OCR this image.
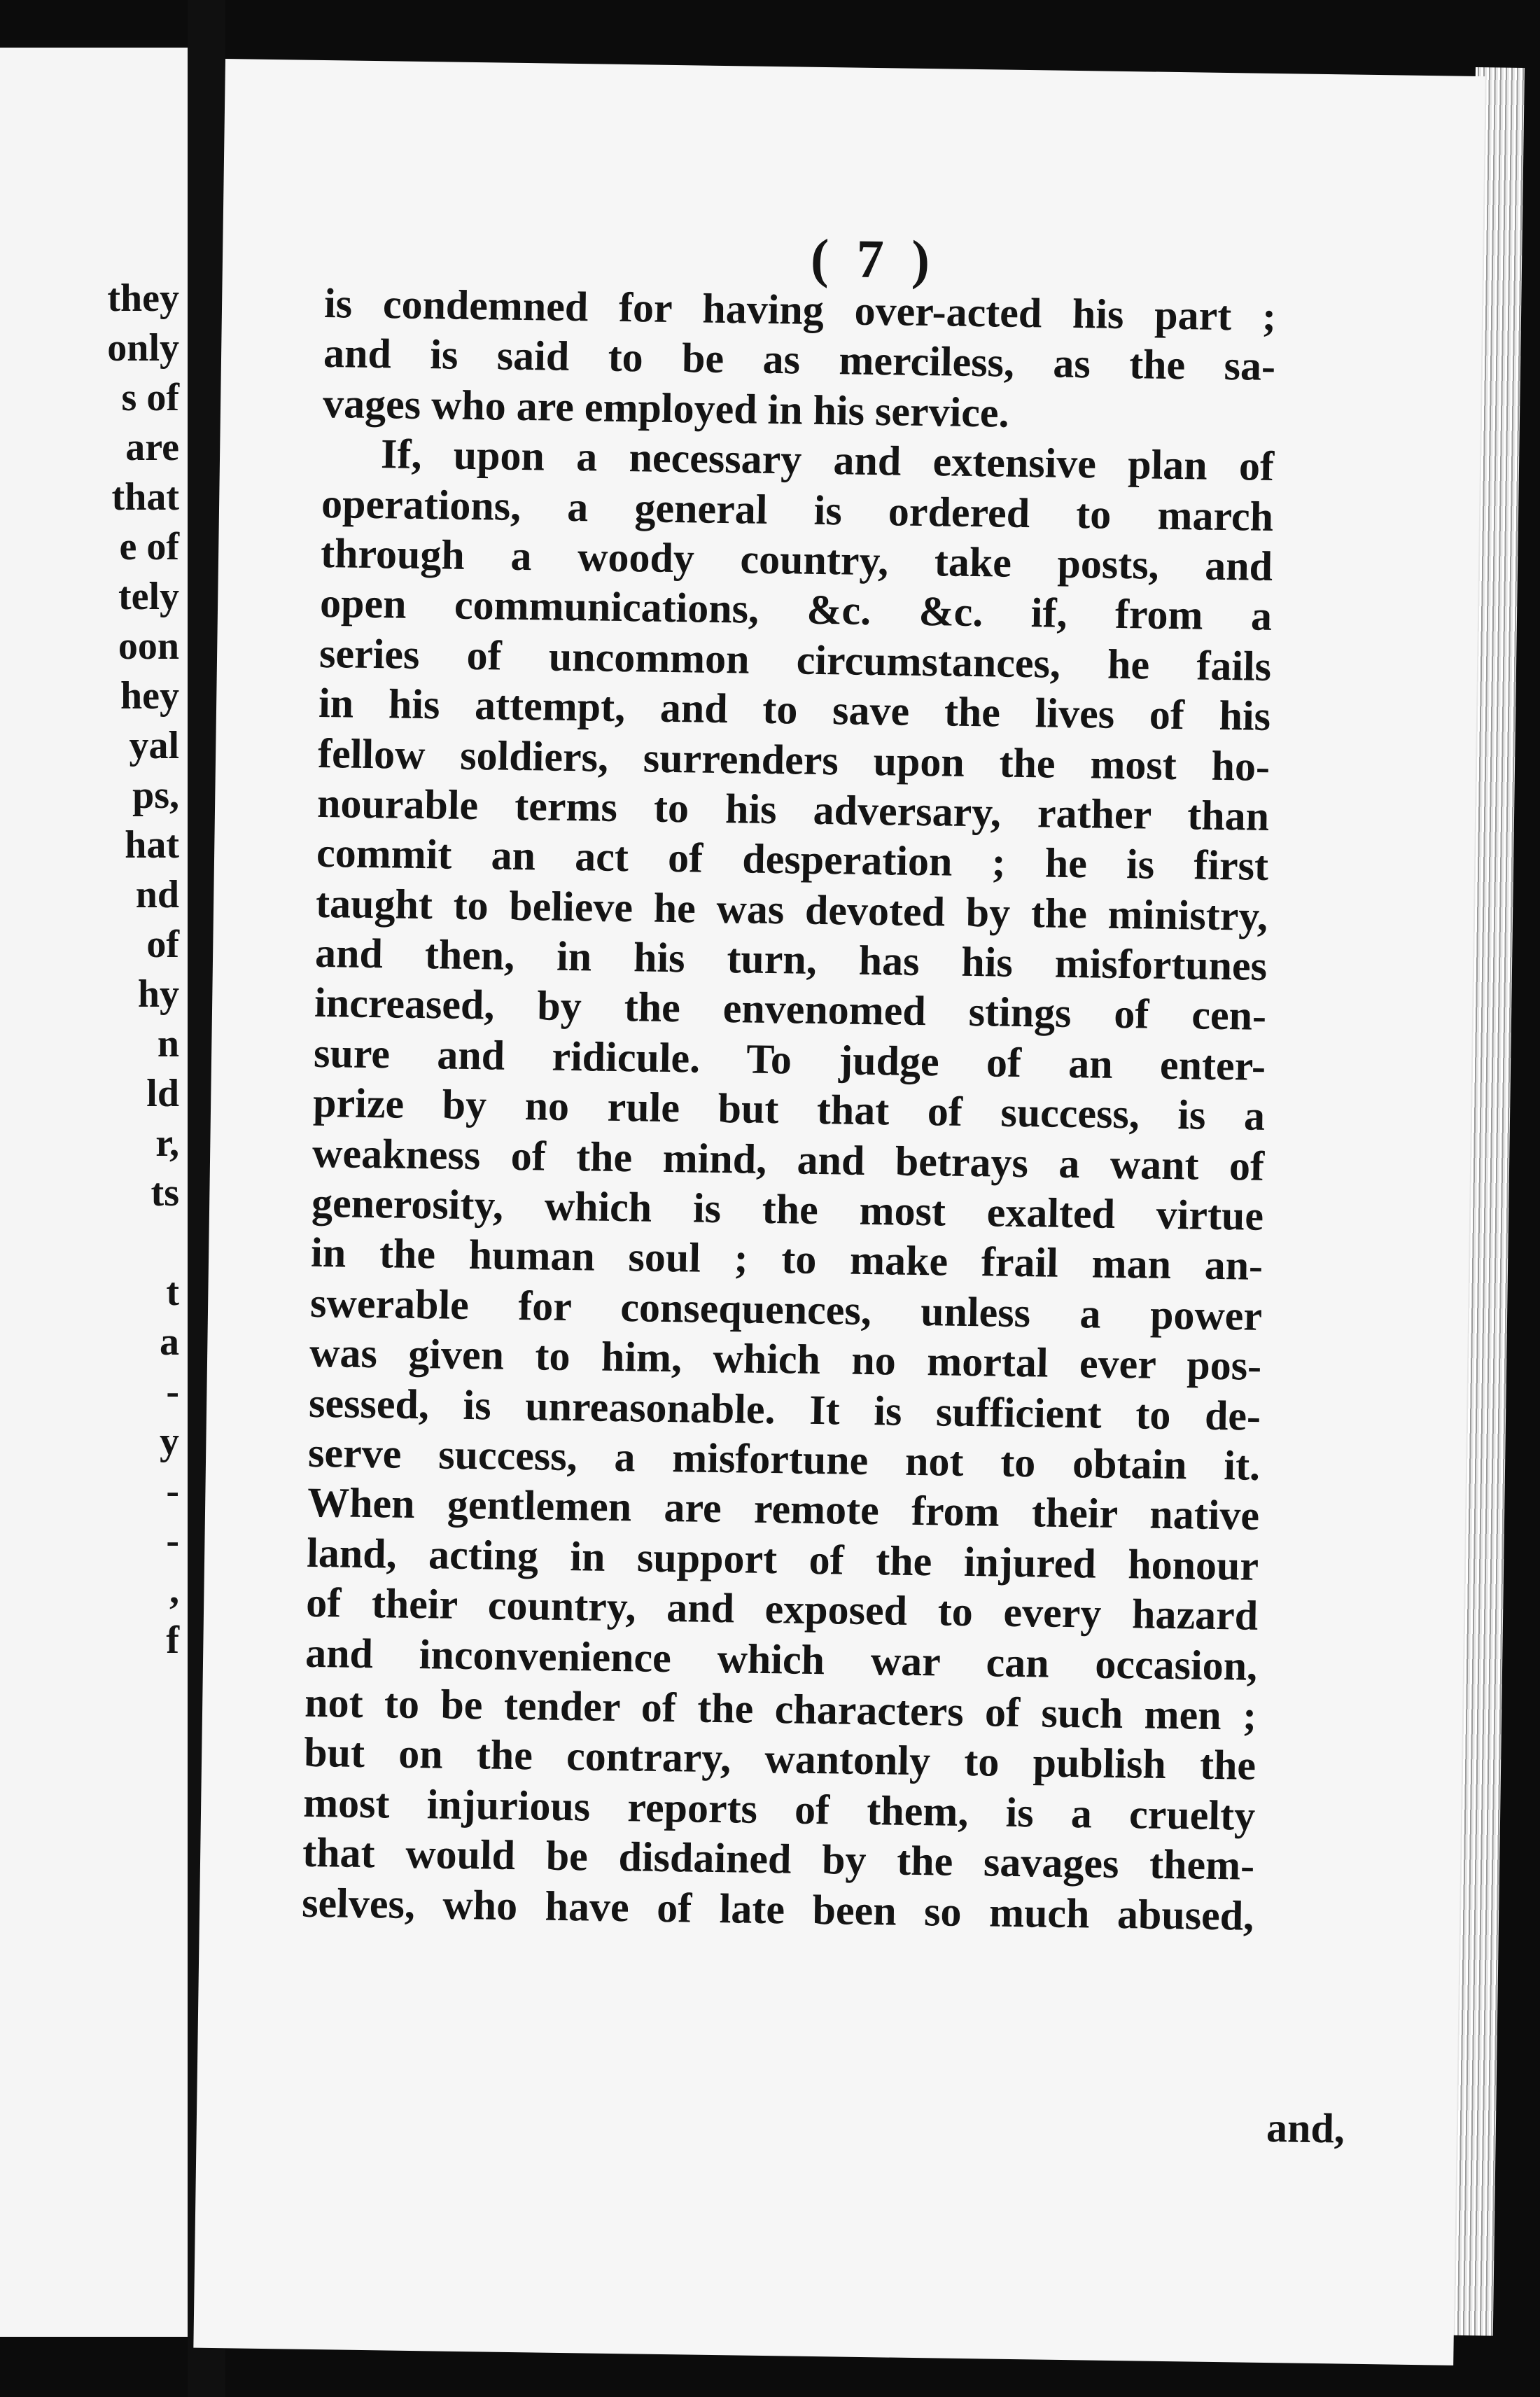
they
only
s of
are
that
e of
tely
oon
hey
yal
ps,
hat
nd
of
hy
n
ld
r,
ts
t
a
-
y
-
-
,
f
( 7 )
is condemned for having over-acted his part ;
and is said to be as merciless, as the sa-
vages who are employed in his service.
If, upon a necessary and extensive plan of
operations, a general is ordered to march
through a woody country, take posts, and
open communications, &c. &c. if, from a
series of uncommon circumstances, he fails
in his attempt, and to save the lives of his
fellow soldiers, surrenders upon the most ho-
nourable terms to his adversary, rather than
commit an act of desperation ; he is first
taught to believe he was devoted by the ministry,
and then, in his turn, has his misfortunes
increased, by the envenomed stings of cen-
sure and ridicule. To judge of an enter-
prize by no rule but that of success, is a
weakness of the mind, and betrays a want of
generosity, which is the most exalted virtue
in the human soul ; to make frail man an-
swerable for consequences, unless a power
was given to him, which no mortal ever pos-
sessed, is unreasonable. It is sufficient to de-
serve success, a misfortune not to obtain it.
When gentlemen are remote from their native
land, acting in support of the injured honour
of their country, and exposed to every hazard
and inconvenience which war can occasion,
not to be tender of the characters of such men ;
but on the contrary, wantonly to publish the
most injurious reports of them, is a cruelty
that would be disdained by the savages them-
selves, who have of late been so much abused,
and,
